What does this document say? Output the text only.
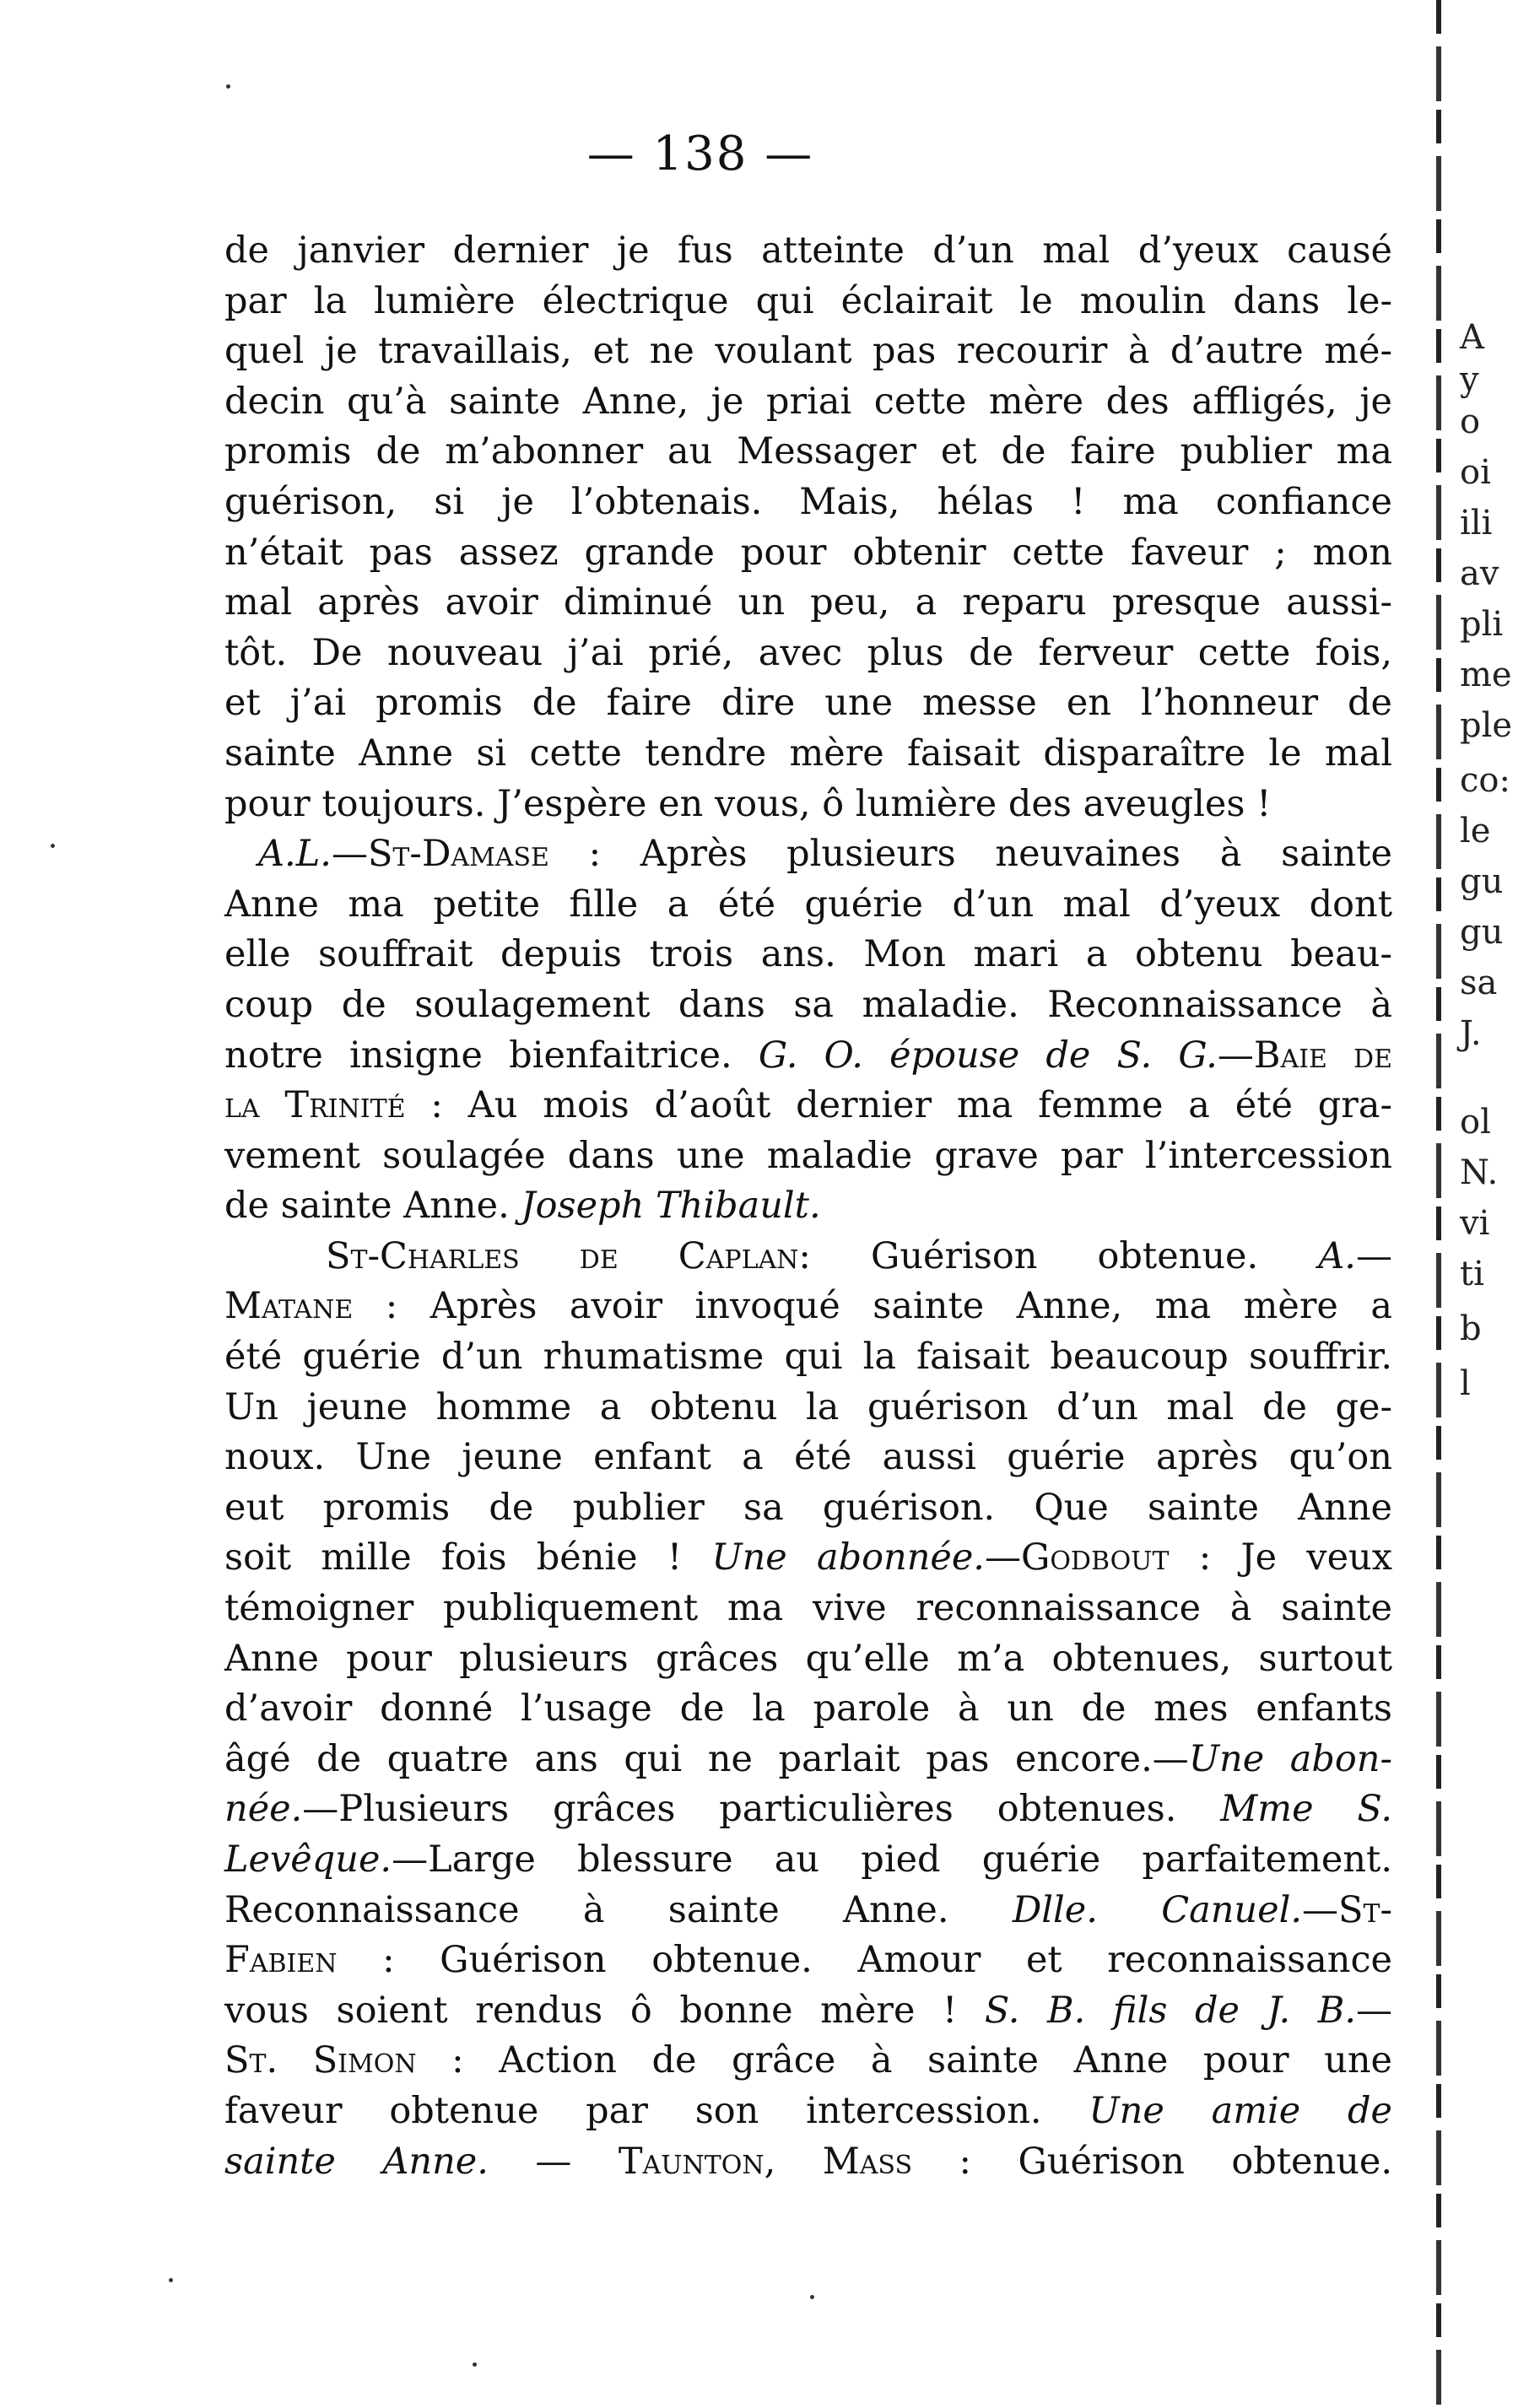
— 138 —
de janvier dernier je fus atteinte d’un mal d’yeux causé
par la lumière électrique qui éclairait le moulin dans le-
quel je travaillais, et ne voulant pas recourir à d’autre mé-
decin qu’à sainte Anne, je priai cette mère des affligés, je
promis de m’abonner au Messager et de faire publier ma
guérison, si je l’obtenais. Mais, hélas ! ma confiance
n’était pas assez grande pour obtenir cette faveur ; mon
mal après avoir diminué un peu, a reparu presque aussi-
tôt. De nouveau j’ai prié, avec plus de ferveur cette fois,
et j’ai promis de faire dire une messe en l’honneur de
sainte Anne si cette tendre mère faisait disparaître le mal
pour toujours. J’espère en vous, ô lumière des aveugles !
A.L.—St-Damase : Après plusieurs neuvaines à sainte
Anne ma petite fille a été guérie d’un mal d’yeux dont
elle souffrait depuis trois ans. Mon mari a obtenu beau-
coup de soulagement dans sa maladie. Reconnaissance à
notre insigne bienfaitrice. G. O. épouse de S. G.—Baie de
la Trinité : Au mois d’août dernier ma femme a été gra-
vement soulagée dans une maladie grave par l’intercession
de sainte Anne. Joseph Thibault.
St-Charles de Caplan: Guérison obtenue. A.—
Matane : Après avoir invoqué sainte Anne, ma mère a
été guérie d’un rhumatisme qui la faisait beaucoup souffrir.
Un jeune homme a obtenu la guérison d’un mal de ge-
noux. Une jeune enfant a été aussi guérie après qu’on
eut promis de publier sa guérison. Que sainte Anne
soit mille fois bénie ! Une abonnée.—Godbout : Je veux
témoigner publiquement ma vive reconnaissance à sainte
Anne pour plusieurs grâces qu’elle m’a obtenues, surtout
d’avoir donné l’usage de la parole à un de mes enfants
âgé de quatre ans qui ne parlait pas encore.—Une abon-
née.—Plusieurs grâces particulières obtenues. Mme S.
Levêque.—Large blessure au pied guérie parfaitement.
Reconnaissance à sainte Anne. Dlle. Canuel.—St-
Fabien : Guérison obtenue. Amour et reconnaissance
vous soient rendus ô bonne mère ! S. B. fils de J. B.—
St. Simon : Action de grâce à sainte Anne pour une
faveur obtenue par son intercession. Une amie de
sainte Anne. — Taunton, Mass : Guérison obtenue.
A
y
o
oi
ili
av
pli
me
ple
co:
le
gu
gu
sa
J.
ol
N.
vi
ti
b
l
